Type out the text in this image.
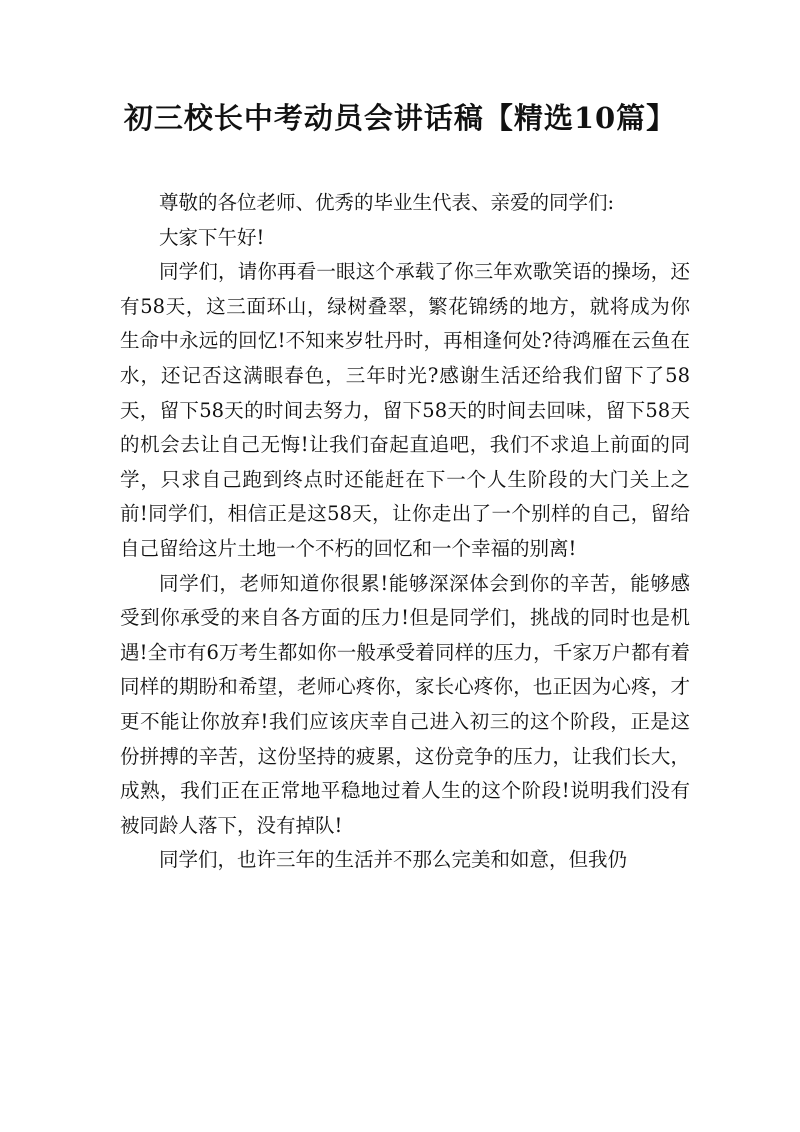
初三校长中考动员会讲话稿【精选10篇】

尊敬的各位老师、优秀的毕业生代表、亲爱的同学们:

大家下午好!

同学们，请你再看一眼这个承载了你三年欢歌笑语的操场，还有58天，这三面环山，绿树叠翠，繁花锦绣的地方，就将成为你生命中永远的回忆!不知来岁牡丹时，再相逢何处?待鸿雁在云鱼在水，还记否这满眼春色，三年时光?感谢生活还给我们留下了58天，留下58天的时间去努力，留下58天的时间去回味，留下58天的机会去让自己无悔!让我们奋起直追吧，我们不求追上前面的同学，只求自己跑到终点时还能赶在下一个人生阶段的大门关上之前!同学们，相信正是这58天，让你走出了一个别样的自己，留给自己留给这片土地一个不朽的回忆和一个幸福的别离!

同学们，老师知道你很累!能够深深体会到你的辛苦，能够感受到你承受的来自各方面的压力!但是同学们，挑战的同时也是机遇!全市有6万考生都如你一般承受着同样的压力，千家万户都有着同样的期盼和希望，老师心疼你，家长心疼你，也正因为心疼，才更不能让你放弃!我们应该庆幸自己进入初三的这个阶段，正是这份拼搏的辛苦，这份坚持的疲累，这份竞争的压力，让我们长大，成熟，我们正在正常地平稳地过着人生的这个阶段!说明我们没有被同龄人落下，没有掉队!

同学们，也许三年的生活并不那么完美和如意，但我仍
